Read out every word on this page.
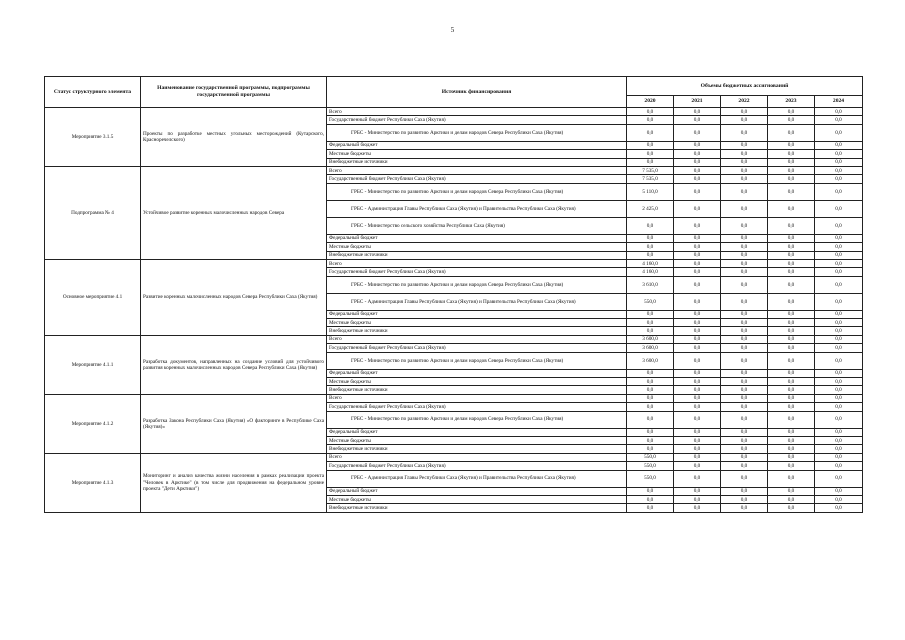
5
Статус структурного элемента	Наименование государственной программы, подпрограммы государственной программы	Источник финансирования	Объемы бюджетных ассигнований				
			2020	2021	2022	2023	2024
Мероприятие 3.1.5	Проекты по разработке местных угольных месторождений (Кутарского, Красноречелского)	Всего	0,0	0,0	0,0	0,0	0,0
		Государственный бюджет Республики Саха (Якутия)	0,0	0,0	0,0	0,0	0,0
		ГРБС - Министерство по развитию Арктики и делам народов Севера Республики Саха (Якутия)	0,0	0,0	0,0	0,0	0,0
		Федеральный бюджет	0,0	0,0	0,0	0,0	0,0
		Местные бюджеты	0,0	0,0	0,0	0,0	0,0
		Внебюджетные источники	0,0	0,0	0,0	0,0	0,0
Подпрограмма № 4	Устойчивое развитие коренных малочисленных народов Севера	Всего	7 535,0	0,0	0,0	0,0	0,0
		Государственный бюджет Республики Саха (Якутия)	7 535,0	0,0	0,0	0,0	0,0
		ГРБС - Министерство по развитию Арктики и делам народов Севера Республики Саха (Якутия)	5 110,0	0,0	0,0	0,0	0,0
		ГРБС - Администрация Главы Республики Саха (Якутия) и Правительства Республики Саха (Якутия)	2 425,0	0,0	0,0	0,0	0,0
		ГРБС - Министерство сельского хозяйства Республики Саха (Якутия)	0,0	0,0	0,0	0,0	0,0
		Федеральный бюджет	0,0	0,0	0,0	0,0	0,0
		Местные бюджеты	0,0	0,0	0,0	0,0	0,0
		Внебюджетные источники	0,0	0,0	0,0	0,0	0,0
Основное мероприятие 4.1	Развитие коренных малочисленных народов Севера Республики Саха (Якутия)	Всего	4 160,0	0,0	0,0	0,0	0,0
		Государственный бюджет Республики Саха (Якутия)	4 160,0	0,0	0,0	0,0	0,0
		ГРБС - Министерство по развитию Арктики и делам народов Севера Республики Саха (Якутия)	3 610,0	0,0	0,0	0,0	0,0
		ГРБС - Администрация Главы Республики Саха (Якутия) и Правительства Республики Саха (Якутия)	550,0	0,0	0,0	0,0	0,0
		Федеральный бюджет	0,0	0,0	0,0	0,0	0,0
		Местные бюджеты	0,0	0,0	0,0	0,0	0,0
		Внебюджетные источники	0,0	0,0	0,0	0,0	0,0
Мероприятие 4.1.1	Разработка документов, направленных на создание условий для устойчивого развития коренных малочисленных народов Севера Республики Саха (Якутия)	Всего	3 600,0	0,0	0,0	0,0	0,0
		Государственный бюджет Республики Саха (Якутия)	3 600,0	0,0	0,0	0,0	0,0
		ГРБС - Министерство по развитию Арктики и делам народов Севера Республики Саха (Якутия)	3 600,0	0,0	0,0	0,0	0,0
		Федеральный бюджет	0,0	0,0	0,0	0,0	0,0
		Местные бюджеты	0,0	0,0	0,0	0,0	0,0
		Внебюджетные источники	0,0	0,0	0,0	0,0	0,0
Мероприятие 4.1.2	Разработка Закона Республики Саха (Якутия) «О факторинге в Республике Саха (Якутия)»	Всего	0,0	0,0	0,0	0,0	0,0
		Государственный бюджет Республики Саха (Якутия)	0,0	0,0	0,0	0,0	0,0
		ГРБС - Министерство по развитию Арктики и делам народов Севера Республики Саха (Якутия)	0,0	0,0	0,0	0,0	0,0
		Федеральный бюджет	0,0	0,0	0,0	0,0	0,0
		Местные бюджеты	0,0	0,0	0,0	0,0	0,0
		Внебюджетные источники	0,0	0,0	0,0	0,0	0,0
Мероприятие 4.1.3	Мониторинг и анализ качества жизни населения в рамках реализации проекта "Человек в Арктике" (в том числе для продвижения на федеральном уровне проекта "Дети Арктики")	Всего	550,0	0,0	0,0	0,0	0,0
		Государственный бюджет Республики Саха (Якутия)	550,0	0,0	0,0	0,0	0,0
		ГРБС - Администрация Главы Республики Саха (Якутия) и Правительства Республики Саха (Якутия)	550,0	0,0	0,0	0,0	0,0
		Федеральный бюджет	0,0	0,0	0,0	0,0	0,0
		Местные бюджеты	0,0	0,0	0,0	0,0	0,0
		Внебюджетные источники	0,0	0,0	0,0	0,0	0,0
